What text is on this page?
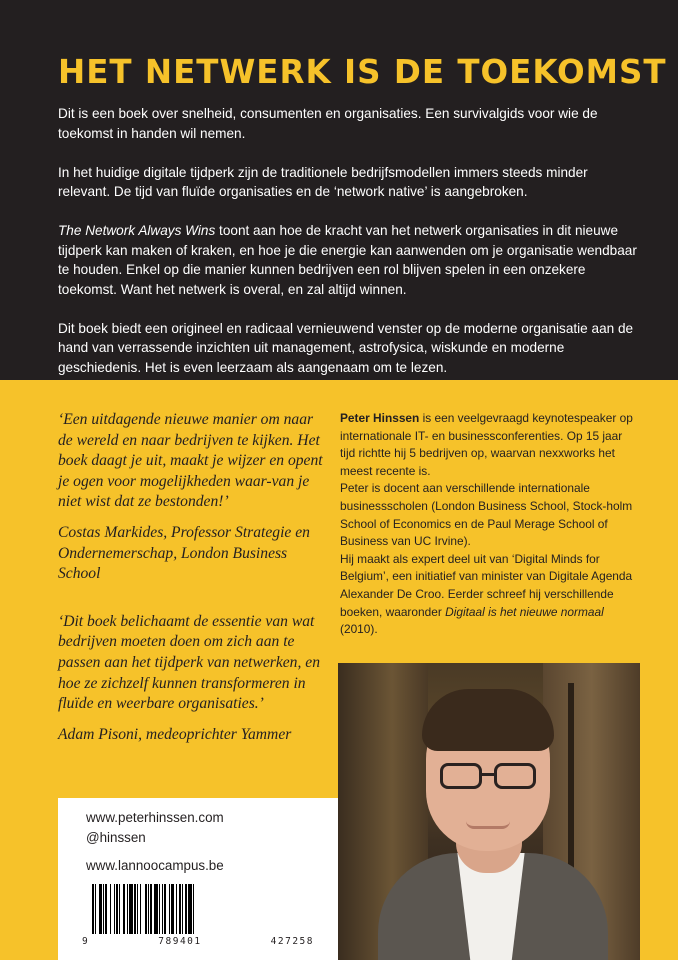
HET NETWERK IS DE TOEKOMST

Dit is een boek over snelheid, consumenten en organisaties. Een survivalgids voor wie de toekomst in handen wil nemen.

In het huidige digitale tijdperk zijn de traditionele bedrijfsmodellen immers steeds minder relevant. De tijd van fluïde organisaties en de ‘network native’ is aangebroken.

The Network Always Wins toont aan hoe de kracht van het netwerk organisaties in dit nieuwe tijdperk kan maken of kraken, en hoe je die energie kan aanwenden om je organisatie wendbaar te houden. Enkel op die manier kunnen bedrijven een rol blijven spelen in een onzekere toekomst. Want het netwerk is overal, en zal altijd winnen.

Dit boek biedt een origineel en radicaal vernieuwend venster op de moderne organisatie aan de hand van verrassende inzichten uit management, astrofysica, wiskunde en moderne geschiedenis. Het is even leerzaam als aangenaam om te lezen.

‘Een uitdagende nieuwe manier om naar de wereld en naar bedrijven te kijken. Het boek daagt je uit, maakt je wijzer en opent je ogen voor mogelijkheden waar-van je niet wist dat ze bestonden!’
Costas Markides, Professor Strategie en Ondernemerschap, London Business School
‘Dit boek belichaamt de essentie van wat bedrijven moeten doen om zich aan te passen aan het tijdperk van netwerken, en hoe ze zichzelf kunnen transformeren in fluïde en weerbare organisaties.’
Adam Pisoni, medeoprichter Yammer
Peter Hinssen is een veelgevraagd keynotespeaker op internationale IT- en businessconferenties. Op 15 jaar tijd richtte hij 5 bedrijven op, waarvan nexxworks het meest recente is.
Peter is docent aan verschillende internationale businessscholen (London Business School, Stock-holm School of Economics en de Paul Merage School of Business van UC Irvine).
Hij maakt als expert deel uit van ‘Digital Minds for Belgium’, een initiatief van minister van Digitale Agenda Alexander De Croo. Eerder schreef hij verschillende boeken, waaronder Digitaal is het nieuwe normaal (2010).
www.peterhinssen.com
@hinssen
www.lannoocampus.be
9	789401	427258
